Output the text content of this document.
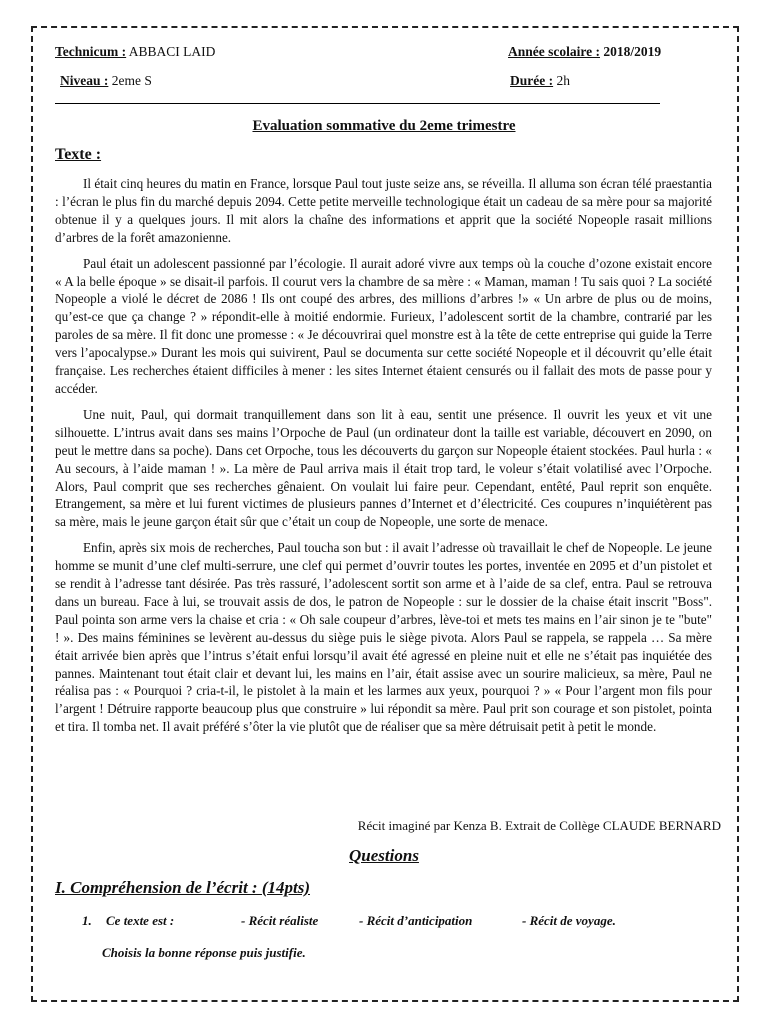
Technicum : ABBACI LAID	Année scolaire : 2018/2019
Niveau : 2eme S	Durée : 2h
Evaluation sommative du 2eme trimestre
Texte :

Il était cinq heures du matin en France, lorsque Paul tout juste seize ans, se réveilla. Il alluma son écran télé praestantia : l’écran le plus fin du marché depuis 2094. Cette petite merveille technologique était un cadeau de sa mère pour sa majorité obtenue il y a quelques jours. Il mit alors la chaîne des informations et apprit que la société Nopeople rasait millions d’arbres de la forêt amazonienne.

Paul était un adolescent passionné par l’écologie. Il aurait adoré vivre aux temps où la couche d’ozone existait encore « A la belle époque » se disait-il parfois. Il courut vers la chambre de sa mère : « Maman, maman ! Tu sais quoi ? La société Nopeople a violé le décret de 2086 ! Ils ont coupé des arbres, des millions d’arbres !» « Un arbre de plus ou de moins, qu’est-ce que ça change ? » répondit-elle à moitié endormie. Furieux, l’adolescent sortit de la chambre, contrarié par les paroles de sa mère. Il fit donc une promesse : « Je découvrirai quel monstre est à la tête de cette entreprise qui guide la Terre vers l’apocalypse.» Durant les mois qui suivirent, Paul se documenta sur cette société Nopeople et il découvrit qu’elle était française. Les recherches étaient difficiles à mener : les sites Internet étaient censurés ou il fallait des mots de passe pour y accéder.

Une nuit, Paul, qui dormait tranquillement dans son lit à eau, sentit une présence. Il ouvrit les yeux et vit une silhouette. L’intrus avait dans ses mains l’Orpoche de Paul (un ordinateur dont la taille est variable, découvert en 2090, on peut le mettre dans sa poche). Dans cet Orpoche, tous les découverts du garçon sur Nopeople étaient stockées. Paul hurla : « Au secours, à l’aide maman ! ». La mère de Paul arriva mais il était trop tard, le voleur s’était volatilisé avec l’Orpoche. Alors, Paul comprit que ses recherches gênaient. On voulait lui faire peur. Cependant, entêté, Paul reprit son enquête. Etrangement, sa mère et lui furent victimes de plusieurs pannes d’Internet et d’électricité. Ces coupures n’inquiétèrent pas sa mère, mais le jeune garçon était sûr que c’était un coup de Nopeople, une sorte de menace.

Enfin, après six mois de recherches, Paul toucha son but : il avait l’adresse où travaillait le chef de Nopeople. Le jeune homme se munit d’une clef multi-serrure, une clef qui permet d’ouvrir toutes les portes, inventée en 2095 et d’un pistolet et se rendit à l’adresse tant désirée. Pas très rassuré, l’adolescent sortit son arme et à l’aide de sa clef, entra. Paul se retrouva dans un bureau. Face à lui, se trouvait assis de dos, le patron de Nopeople : sur le dossier de la chaise était inscrit "Boss". Paul pointa son arme vers la chaise et cria : « Oh sale coupeur d’arbres, lève-toi et mets tes mains en l’air sinon je te "bute" ! ». Des mains féminines se levèrent au-dessus du siège puis le siège pivota. Alors Paul se rappela, se rappela … Sa mère était arrivée bien après que l’intrus s’était enfui lorsqu’il avait été agressé en pleine nuit et elle ne s’était pas inquiétée des pannes. Maintenant tout était clair et devant lui, les mains en l’air, était assise avec un sourire malicieux, sa mère, Paul ne réalisa pas : « Pourquoi ? cria-t-il, le pistolet à la main et les larmes aux yeux, pourquoi ? » « Pour l’argent mon fils pour l’argent ! Détruire rapporte beaucoup plus que construire » lui répondit sa mère. Paul prit son courage et son pistolet, pointa et tira. Il tomba net. Il avait préféré s’ôter la vie plutôt que de réaliser que sa mère détruisait petit à petit le monde.

Récit imaginé par Kenza B. Extrait de Collège CLAUDE BERNARD
Questions
I. Compréhension de l’écrit : (14pts)
1. Ce texte est :	- Récit réaliste	- Récit d’anticipation	- Récit de voyage.
Choisis la bonne réponse puis justifie.
